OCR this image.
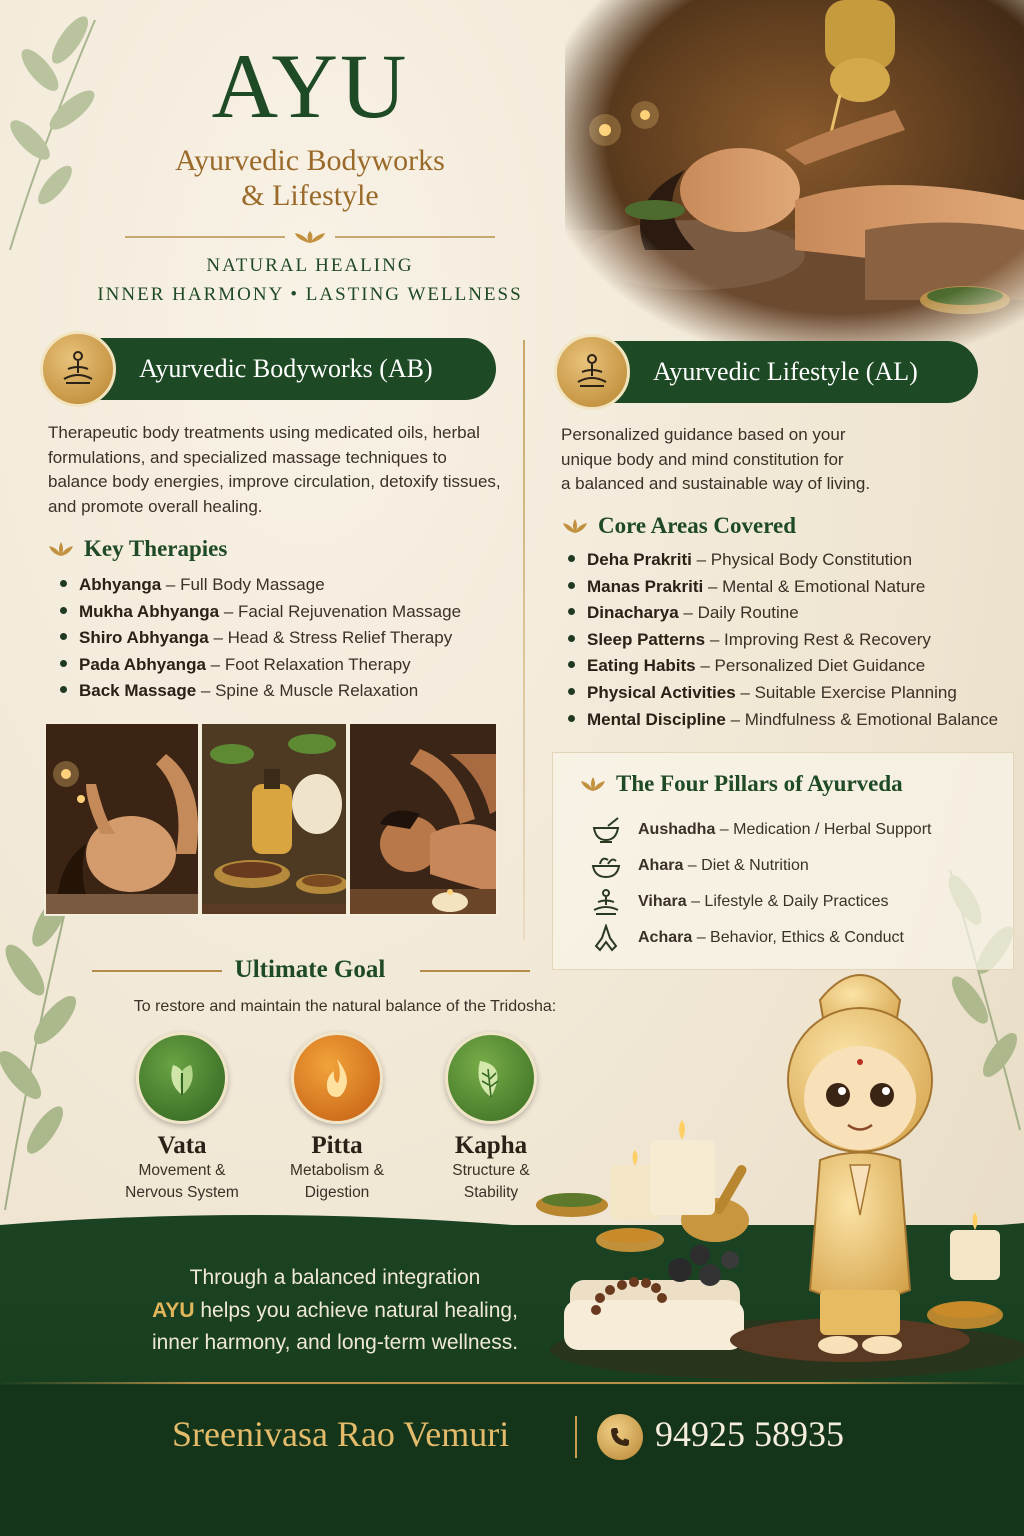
AYU
Ayurvedic Bodyworks
& Lifestyle
NATURAL HEALING
INNER HARMONY • LASTING WELLNESS
Ayurvedic Bodyworks (AB)
Therapeutic body treatments using medicated oils, herbal formulations, and specialized massage techniques to balance body energies, improve circulation, detoxify tissues, and promote overall healing.
Key Therapies
Abhyanga – Full Body Massage
Mukha Abhyanga – Facial Rejuvenation Massage
Shiro Abhyanga – Head & Stress Relief Therapy
Pada Abhyanga – Foot Relaxation Therapy
Back Massage – Spine & Muscle Relaxation
Ayurvedic Lifestyle (AL)
Personalized guidance based on your
unique body and mind constitution for
a balanced and sustainable way of living.
Core Areas Covered
Deha Prakriti – Physical Body Constitution
Manas Prakriti – Mental & Emotional Nature
Dinacharya – Daily Routine
Sleep Patterns – Improving Rest & Recovery
Eating Habits – Personalized Diet Guidance
Physical Activities – Suitable Exercise Planning
Mental Discipline – Mindfulness & Emotional Balance
The Four Pillars of Ayurveda
Aushadha – Medication / Herbal Support
Ahara – Diet & Nutrition
Vihara – Lifestyle & Daily Practices
Achara – Behavior, Ethics & Conduct
Ultimate Goal
To restore and maintain the natural balance of the Tridosha:
Vata
Movement &
Nervous System
Pitta
Metabolism &
Digestion
Kapha
Structure &
Stability
Through a balanced integration
AYU helps you achieve natural healing,
inner harmony, and long-term wellness.
Sreenivasa Rao Vemuri	94925 58935
